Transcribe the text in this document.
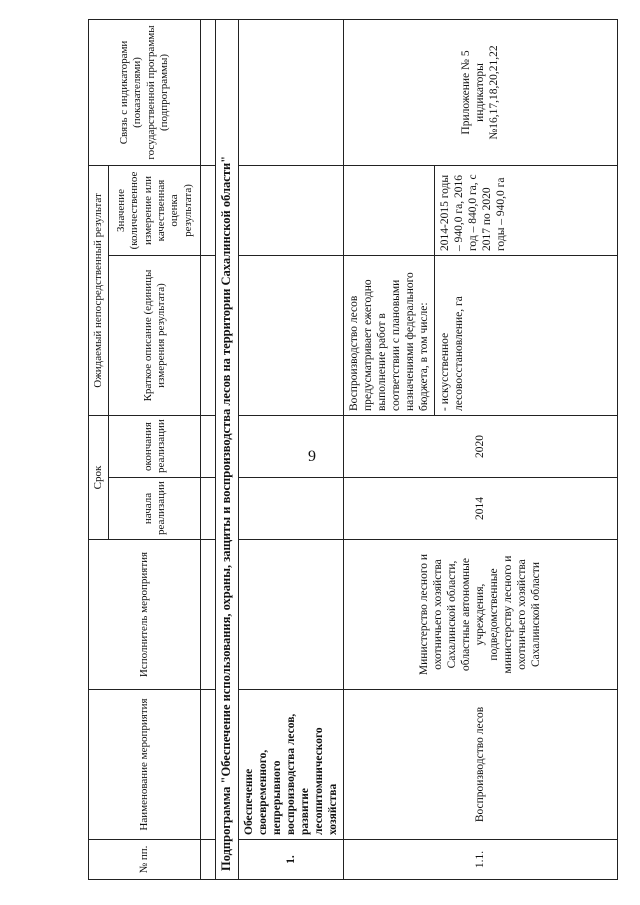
9
№ пп.	Наименование мероприятия	Исполнитель мероприятия	Срок		Ожидаемый непосредственный результат		Связь с индикаторами (показателями) государственной программы (подпрограммы)
			начала реализации	окончания реализации	Краткое описание (единицы измерения результата)	Значение (количественное измерение или качественная оценка результата)	

Подпрограмма "Обеспечение использования, охраны, защиты и воспроизводства лесов на территории Сахалинской области"							
1.	Обеспечение своевременного, непрерывного воспроизводства лесов, развитие лесопитомнического хозяйства						
1.1.	Воспроизводство лесов	Министерство лесного и охотничьего хозяйства Сахалинской области, областные автономные учреждения, подведомственные министерству лесного и охотничьего хозяйства Сахалинской области	2014	2020	Воспроизводство лесов предусматривает ежегодно выполнение работ в соответствии с плановыми назначениями федерального бюджета, в том числе:		Приложение № 5 индикаторы №16,17,18,20,21,22
					- искусственное лесовосстановление, га	2014-2015 годы – 940,0 га, 2016 год – 840,0 га, с 2017 по 2020 годы – 940,0 га	
